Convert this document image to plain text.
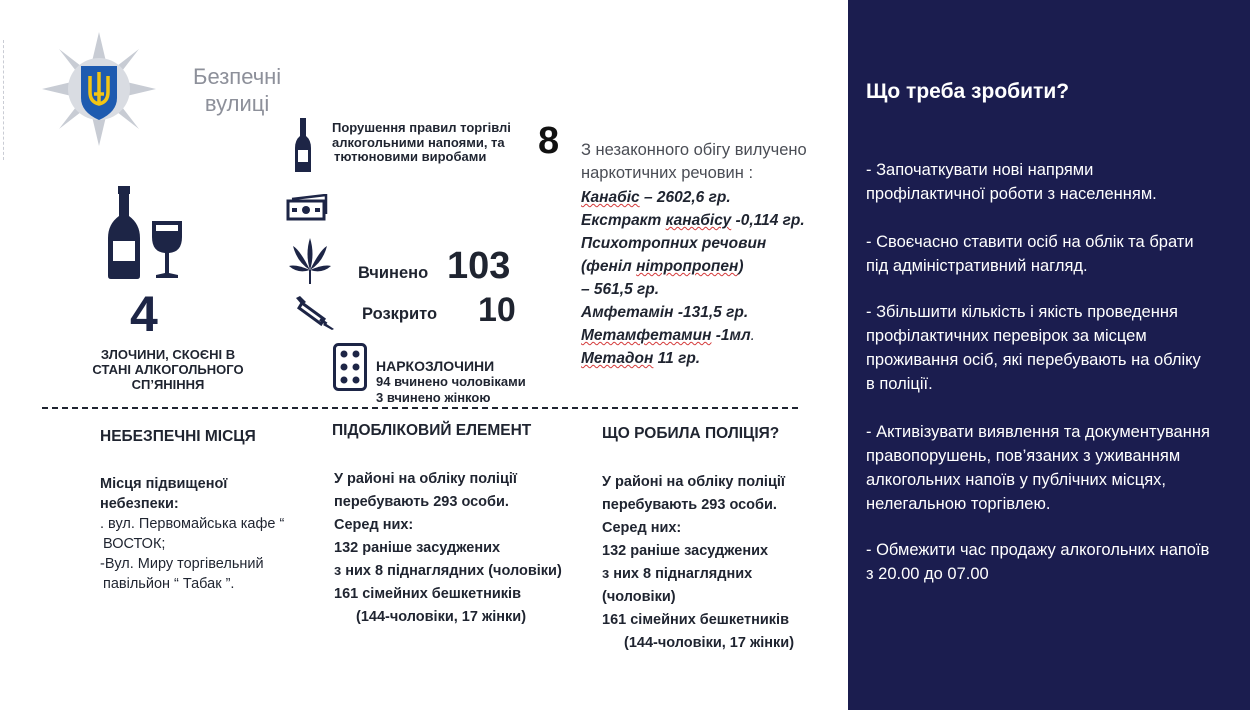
Безпечні
вулиці
4
ЗЛОЧИНИ, СКОЄНІ В
СТАНІ АЛКОГОЛЬНОГО
СП’ЯНІННЯ
Порушення правил торгівлі
алкогольними напоями, та
тютюновими виробами	8
Вчинено 103
Розкрито 10
НАРКОЗЛОЧИНИ
94 вчинено чоловіками
3 вчинено жінкою
З незаконного обігу вилучено
наркотичних речовин :
Канабіс – 2602,6 гр.
Екстракт канабісу -0,114 гр.
Психотропних речовин
(феніл нітропропен)
– 561,5 гр.
Амфетамін -131,5 гр.
Метамфетамин -1мл.
Метадон 11 гр.
НЕБЕЗПЕЧНІ МІСЦЯ
Місця підвищеної
небезпеки:
. вул. Первомайська кафе “
ВОСТОК;
-Вул. Миру торгівельний
павільйон “ Табак ”.
ПІДОБЛІКОВИЙ ЕЛЕМЕНТ
У районі на обліку поліції
перебувають 293 особи.
Серед них:
132 раніше засуджених
з них 8 піднаглядних (чоловіки)
161 сімейних бешкетників
(144-чоловіки, 17 жінки)
ЩО РОБИЛА ПОЛІЦІЯ?
У районі на обліку поліції
перебувають 293 особи.
Серед них:
132 раніше засуджених
з них 8 піднаглядних
(чоловіки)
161 сімейних бешкетників
(144-чоловіки, 17 жінки)
Що треба зробити?
- Започаткувати нові напрями
профілактичної роботи з населенням.
- Своєчасно ставити осіб на облік та брати
під адміністративний нагляд.
- Збільшити кількість і якість проведення
профілактичних перевірок за місцем
проживання осіб, які перебувають на обліку
в поліції.
- Активізувати виявлення та документування
правопорушень, пов’язаних з уживанням
алкогольних напоїв у публічних місцях,
нелегальною торгівлею.
- Обмежити час продажу алкогольних напоїв
з 20.00 до 07.00
